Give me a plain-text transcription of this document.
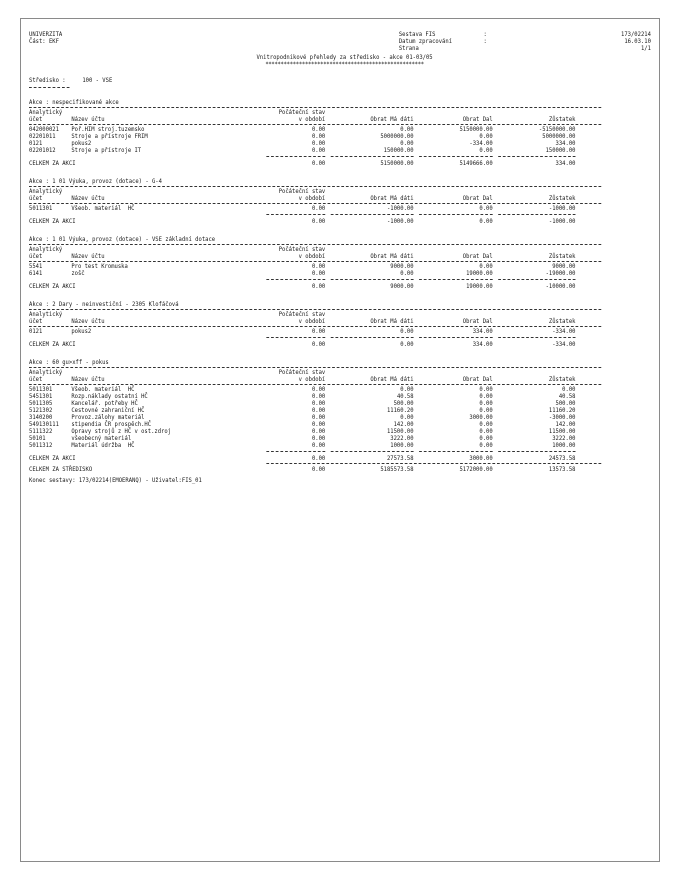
UNIVERZITA
Část: EKF
Sestava FIS	:	173/02214
Datum zpracování	:	16.03.10
Strana	1/1
Vnitropodnikové přehledy za středisko - akce 01-03/05
****************************************************
Středisko :	100 - VSE
Akce : nespecifikované akce
Analytický	Počáteční stav
účet	Název účtu	v období	Obrat Má dáti	Obrat Dal	Zůstatek
042000021	Poř.HIM stroj.tuzemsko	0.00	0.00	5150000.00	-5150000.00
02201011	Stroje a přístroje FRIM	0.00	5000000.00	0.00	5000000.00
0121	pokus2	0.00	0.00	-334.00	334.00
02201012	Stroje a přístroje IT	0.00	150000.00	0.00	150000.00
CELKEM ZA AKCI	0.00	5150000.00	5149666.00	334.00
Akce : 1 01 Výuka, provoz (dotace) - G-4
Analytický	Počáteční stav
účet	Název účtu	v období	Obrat Má dáti	Obrat Dal	Zůstatek
5011301	Všeob. materiál  HČ	0.00	-1000.00	0.00	-1000.00
CELKEM ZA AKCI	0.00	-1000.00	0.00	-1000.00
Akce : 1 01 Výuka, provoz (dotace) - VSE základní dotace
Analytický	Počáteční stav
účet	Název účtu	v období	Obrat Má dáti	Obrat Dal	Zůstatek
5541	Pro test Kromuska	0.00	9000.00	0.00	9000.00
6141	zošč	0.00	0.00	19000.00	-19000.00
CELKEM ZA AKCI	0.00	9000.00	19000.00	-10000.00
Akce : 2 Dary - neinvestiční - 2305 Klofáčová
Analytický	Počáteční stav
účet	Název účtu	v období	Obrat Má dáti	Obrat Dal	Zůstatek
0121	pokus2	0.00	0.00	334.00	-334.00
CELKEM ZA AKCI	0.00	0.00	334.00	-334.00
Akce : 60 gu>xff - pokus
Analytický	Počáteční stav
účet	Název účtu	v období	Obrat Má dáti	Obrat Dal	Zůstatek
5011301	Všeob. materiál  HČ	0.00	0.00	0.00	0.00
5451301	Rozp.náklady ostatní HČ	0.00	40.58	0.00	40.58
5011305	Kancelář. potřeby HČ	0.00	500.00	0.00	500.00
5121302	Cestovné zahraniční HČ	0.00	11160.20	0.00	11160.20
3140200	Provoz.zálohy materiál	0.00	0.00	3000.00	-3000.00
549130111	stipendia ČR prospěch.HČ	0.00	142.00	0.00	142.00
5111322	Opravy strojů z HČ v ost.zdroj	0.00	11500.00	0.00	11500.00
50101	všeobecný materiál	0.00	3222.00	0.00	3222.00
5011312	Materiál údržba  HČ	0.00	1000.00	0.00	1000.00
CELKEM ZA AKCI	0.00	27573.58	3000.00	24573.58
CELKEM ZA STŘEDISKO	0.00	5185573.58	5172000.00	13573.58
Konec sestavy: 173/02214(EMOERANQ) - Uživatel:FIS_01
